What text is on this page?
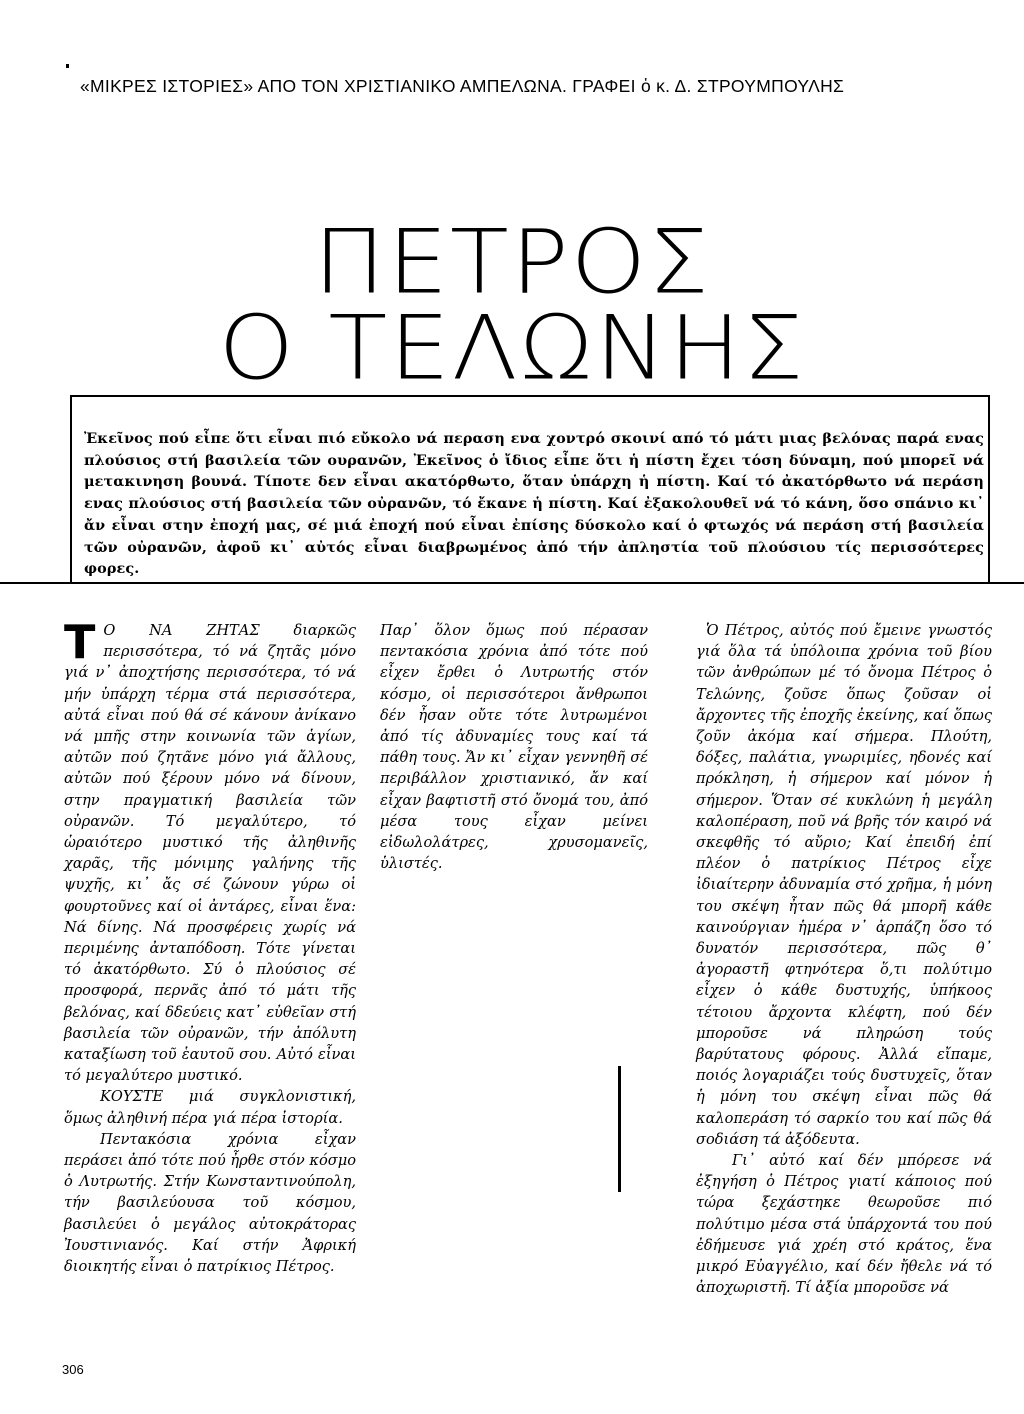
«ΜΙΚΡΕΣ ΙΣΤΟΡΙΕΣ» ΑΠΟ ΤΟΝ ΧΡΙΣΤΙΑΝΙΚΟ ΑΜΠΕΛΩΝΑ. ΓΡΑΦΕΙ ὁ κ. Δ. ΣΤΡΟΥΜΠΟΥΛΗΣ
ΠΕΤΡΟΣ
Ο ΤΕΛΩΝΗΣ
Ἐκεῖνος πού εἶπε ὅτι εἶναι πιό εὔκολο νά περαση ενα χοντρό σκοινί από τό μάτι μιας βελόνας παρά ενας πλούσιος στή βασιλεία τῶν ουρανῶν, Ἐκεῖνος ὁ ἴδιος εἶπε ὅτι ἡ πίστη ἔχει τόση δύναμη, πού μπορεῖ νά μετακινηση βουνά. Τίποτε δεν εἶναι ακατόρθωτο, ὅταν ὑπάρχη ἡ πίστη. Καί τό ἀκατόρθωτο νά περάση ενας πλούσιος στή βασιλεία τῶν οὐρανῶν, τό ἔκανε ἡ πίστη. Καί ἐξακολουθεῖ νά τό κάνη, ὅσο σπάνιο κι᾽ ἄν εἶναι στην ἐποχή μας, σέ μιά ἐποχή πού εἶναι ἐπίσης δύσκολο καί ὁ φτωχός νά περάση στή βασιλεία τῶν οὐρανῶν, ἀφοῦ κι᾽ αὐτός εἶναι διαβρωμένος ἀπό τήν ἀπληστία τοῦ πλούσιου τίς περισσότερες φορες.

Τ Ο ΝΑ ΖΗΤΑΣ διαρκῶς περισσότερα, τό νά ζητᾶς μόνο γιά ν᾽ ἀποχτήσης περισσότερα, τό νά μήν ὑπάρχη τέρμα στά περισσότερα, αὐτά εἶναι πού θά σέ κάνουν ἀνίκανο νά μπῆς στην κοινωνία τῶν ἁγίων, αὐτῶν πού ζητᾶνε μόνο γιά ἄλλους, αὐτῶν πού ξέρουν μόνο νά δίνουν, στην πραγματική βασιλεία τῶν οὐρανῶν. Τό μεγαλύτερο, τό ὡραιότερο μυστικό τῆς ἀληθινῆς χαρᾶς, τῆς μόνιμης γαλήνης τῆς ψυχῆς, κι᾽ ἄς σέ ζώνουν γύρω οἱ φουρτοῦνες καί οἱ ἀντάρες, εἶναι ἕνα: Νά δίνης. Νά προσφέρεις χωρίς νά περιμένης ἀνταπόδοση. Τότε γίνεται τό ἀκατόρθωτο. Σύ ὁ πλούσιος σέ προσφορά, περνᾶς ἀπό τό μάτι τῆς βελόνας, καί δδεύεις κατ᾽ εὐθεῖαν στή βασιλεία τῶν οὐρανῶν, τήν ἀπόλυτη καταξίωση τοῦ ἑαυτοῦ σου. Αὐτό εἶναι τό μεγαλύτερο μυστικό.

ΚΟΥΣΤΕ μιά συγκλονιστική, ὅμως ἀληθινή πέρα γιά πέρα ἱστορία.

Πεντακόσια χρόνια εἶχαν περάσει ἀπό τότε πού ἦρθε στόν κόσμο ὁ Λυτρωτής. Στήν Κωνσταντινούπολη, τήν βασιλεύουσα τοῦ κόσμου, βασιλεύει ὁ μεγάλος αὐτοκράτορας Ἰουστινιανός. Καί στήν Ἀφρική διοικητής εἶναι ὁ πατρίκιος Πέτρος.

Παρ᾽ ὅλον ὅμως πού πέρασαν πεντακόσια χρόνια ἀπό τότε πού εἶχεν ἔρθει ὁ Λυτρωτής στόν κόσμο, οἱ περισσότεροι ἄνθρωποι δέν ἦσαν οὔτε τότε λυτρωμένοι ἀπό τίς ἀδυναμίες τους καί τά πάθη τους. Ἄν κι᾽ εἶχαν γεννηθῆ σέ περιβάλλον χριστιανικό, ἄν καί εἶχαν βαφτιστῆ στό ὄνομά του, ἀπό μέσα τους εἶχαν μείνει εἰδωλολάτρες, χρυσομανεῖς, ὑλιστές.

Ὁ Πέτρος, αὐτός πού ἔμεινε γνωστός γιά ὅλα τά ὑπόλοιπα χρόνια τοῦ βίου τῶν ἀνθρώπων μέ τό ὄνομα Πέτρος ὁ Τελώνης, ζοῦσε ὅπως ζοῦσαν οἱ ἄρχοντες τῆς ἐποχῆς ἐκείνης, καί ὅπως ζοῦν ἀκόμα καί σήμερα. Πλούτη, δόξες, παλάτια, γνωριμίες, ηδονές καί πρόκληση, ἡ σήμερον καί μόνον ἡ σήμερον. Ὅταν σέ κυκλώνη ἡ μεγάλη καλοπέραση, ποῦ νά βρῆς τόν καιρό νά σκεφθῆς τό αὔριο; Καί ἐπειδή ἐπί πλέον ὁ πατρίκιος Πέτρος εἶχε ἰδιαίτερην ἀδυναμία στό χρῆμα, ἡ μόνη του σκέψη ἦταν πῶς θά μπορῆ κάθε καινούργιαν ἡμέρα ν᾽ ἁρπάζη ὅσο τό δυνατόν περισσότερα, πῶς θ᾽ ἀγοραστῆ φτηνότερα ὅ,τι πολύτιμο εἶχεν ὁ κάθε δυστυχής, ὑπήκοος τέτοιου ἄρχοντα κλέφτη, πού δέν μποροῦσε νά πληρώση τούς βαρύτατους φόρους. Ἀλλά εἴπαμε, ποιός λογαριάζει τούς δυστυχεῖς, ὅταν ἡ μόνη του σκέψη εἶναι πῶς θά καλοπεράση τό σαρκίο του καί πῶς θά σοδιάση τά ἀξόδευτα.

Γι᾽ αὐτό καί δέν μπόρεσε νά ἐξηγήση ὁ Πέτρος γιατί κάποιος πού τώρα ξεχάστηκε θεωροῦσε πιό πολύτιμο μέσα στά ὑπάρχοντά του πού ἐδήμευσε γιά χρέη στό κράτος, ἕνα μικρό Εὐαγγέλιο, καί δέν ἤθελε νά τό ἀποχωριστῆ. Τί ἀξία μποροῦσε νά

306
